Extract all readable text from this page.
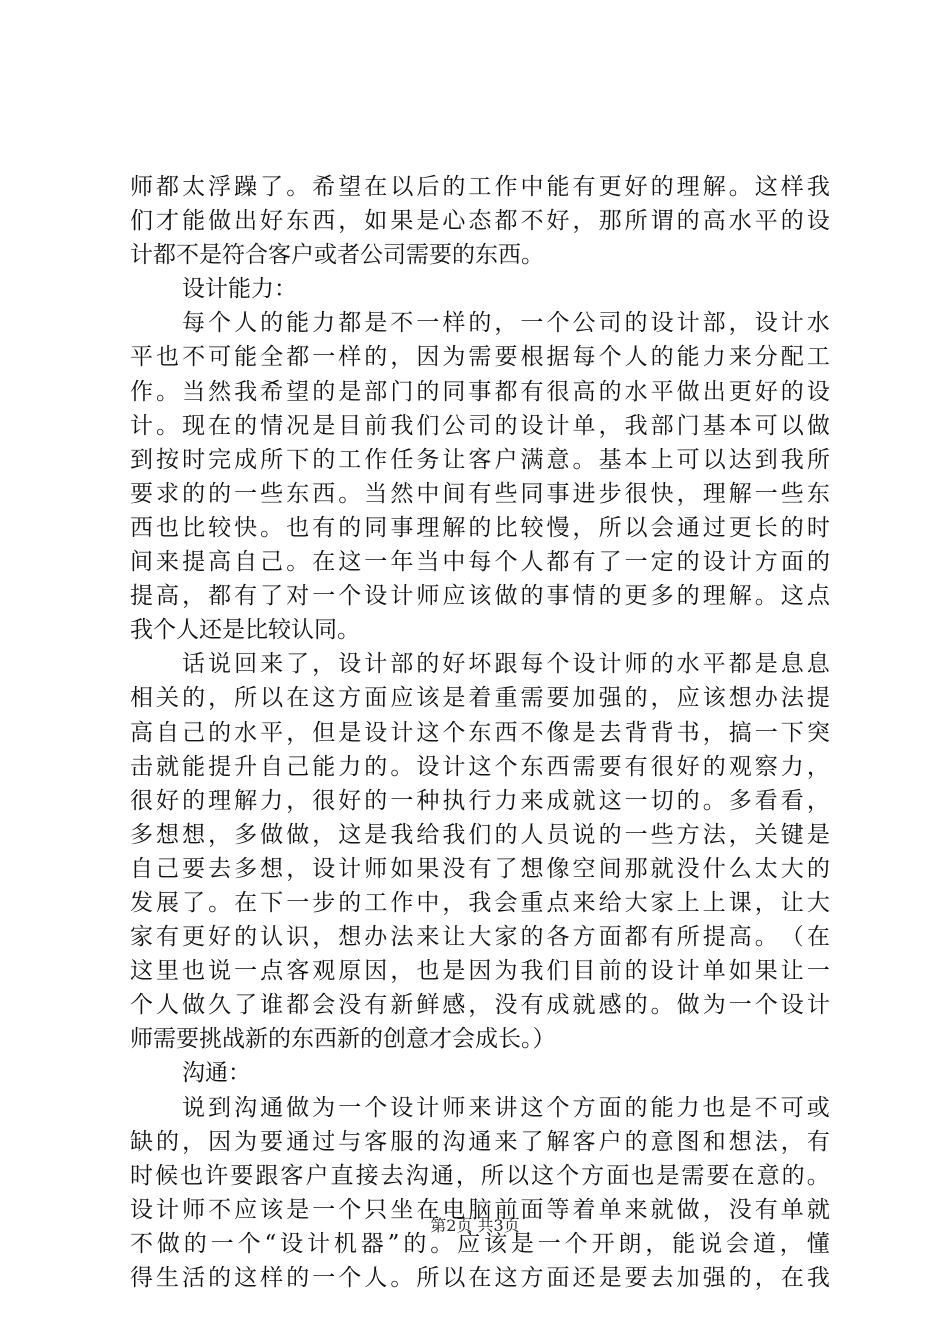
师 都 太 浮 躁 了 。 希 望 在 以 后 的 工 作 中 能 有 更 好 的 理 解 。 这 样 我
们 才 能 做 出 好 东 西 ， 如 果 是 心 态 都 不 好 ， 那 所 谓 的 高 水 平 的 设
计都不是符合客户或者公司需要的东西。
设计能力：
每 个 人 的 能 力 都 是 不 一 样 的 ， 一 个 公 司 的 设 计 部 ， 设 计 水
平 也 不 可 能 全 都 一 样 的 ， 因 为 需 要 根 据 每 个 人 的 能 力 来 分 配 工
作 。 当 然 我 希 望 的 是 部 门 的 同 事 都 有 很 高 的 水 平 做 出 更 好 的 设
计 。 现 在 的 情 况 是 目 前 我 们 公 司 的 设 计 单 ， 我 部 门 基 本 可 以 做
到 按 时 完 成 所 下 的 工 作 任 务 让 客 户 满 意 。 基 本 上 可 以 达 到 我 所
要 求 的 的 一 些 东 西 。 当 然 中 间 有 些 同 事 进 步 很 快 ， 理 解 一 些 东
西 也 比 较 快 。 也 有 的 同 事 理 解 的 比 较 慢 ， 所 以 会 通 过 更 长 的 时
间 来 提 高 自 己 。 在 这 一 年 当 中 每 个 人 都 有 了 一 定 的 设 计 方 面 的
提 高 ， 都 有 了 对 一 个 设 计 师 应 该 做 的 事 情 的 更 多 的 理 解 。 这 点
我个人还是比较认同。
话 说 回 来 了 ， 设 计 部 的 好 坏 跟 每 个 设 计 师 的 水 平 都 是 息 息
相 关 的 ， 所 以 在 这 方 面 应 该 是 着 重 需 要 加 强 的 ， 应 该 想 办 法 提
高 自 己 的 水 平 ， 但 是 设 计 这 个 东 西 不 像 是 去 背 背 书 ， 搞 一 下 突
击 就 能 提 升 自 己 能 力 的 。 设 计 这 个 东 西 需 要 有 很 好 的 观 察 力 ，
很 好 的 理 解 力 ， 很 好 的 一 种 执 行 力 来 成 就 这 一 切 的 。 多 看 看 ，
多 想 想 ， 多 做 做 ， 这 是 我 给 我 们 的 人 员 说 的 一 些 方 法 ， 关 键 是
自 己 要 去 多 想 ， 设 计 师 如 果 没 有 了 想 像 空 间 那 就 没 什 么 太 大 的
发 展 了 。 在 下 一 步 的 工 作 中 ， 我 会 重 点 来 给 大 家 上 上 课 ， 让 大
家 有 更 好 的 认 识 ， 想 办 法 来 让 大 家 的 各 方 面 都 有 所 提 高 。 （ 在
这 里 也 说 一 点 客 观 原 因 ， 也 是 因 为 我 们 目 前 的 设 计 单 如 果 让 一
个 人 做 久 了 谁 都 会 没 有 新 鲜 感 ， 没 有 成 就 感 的 。 做 为 一 个 设 计
师需要挑战新的东西新的创意才会成长。）
沟通：
说 到 沟 通 做 为 一 个 设 计 师 来 讲 这 个 方 面 的 能 力 也 是 不 可 或
缺 的 ， 因 为 要 通 过 与 客 服 的 沟 通 来 了 解 客 户 的 意 图 和 想 法 ， 有
时 候 也 许 要 跟 客 户 直 接 去 沟 通 ， 所 以 这 个 方 面 也 是 需 要 在 意 的 。
设 计 师 不 应 该 是 一 个 只 坐 在 电 脑 前 面 等 着 单 来 就 做 ， 没 有 单 就
不 做 的 一 个 “ 设 计 机 器 ” 的 。 应 该 是 一 个 开 朗 ， 能 说 会 道 ， 懂
得 生 活 的 这 样 的 一 个 人 。 所 以 在 这 方 面 还 是 要 去 加 强 的 ， 在 我
第2页 共3页
